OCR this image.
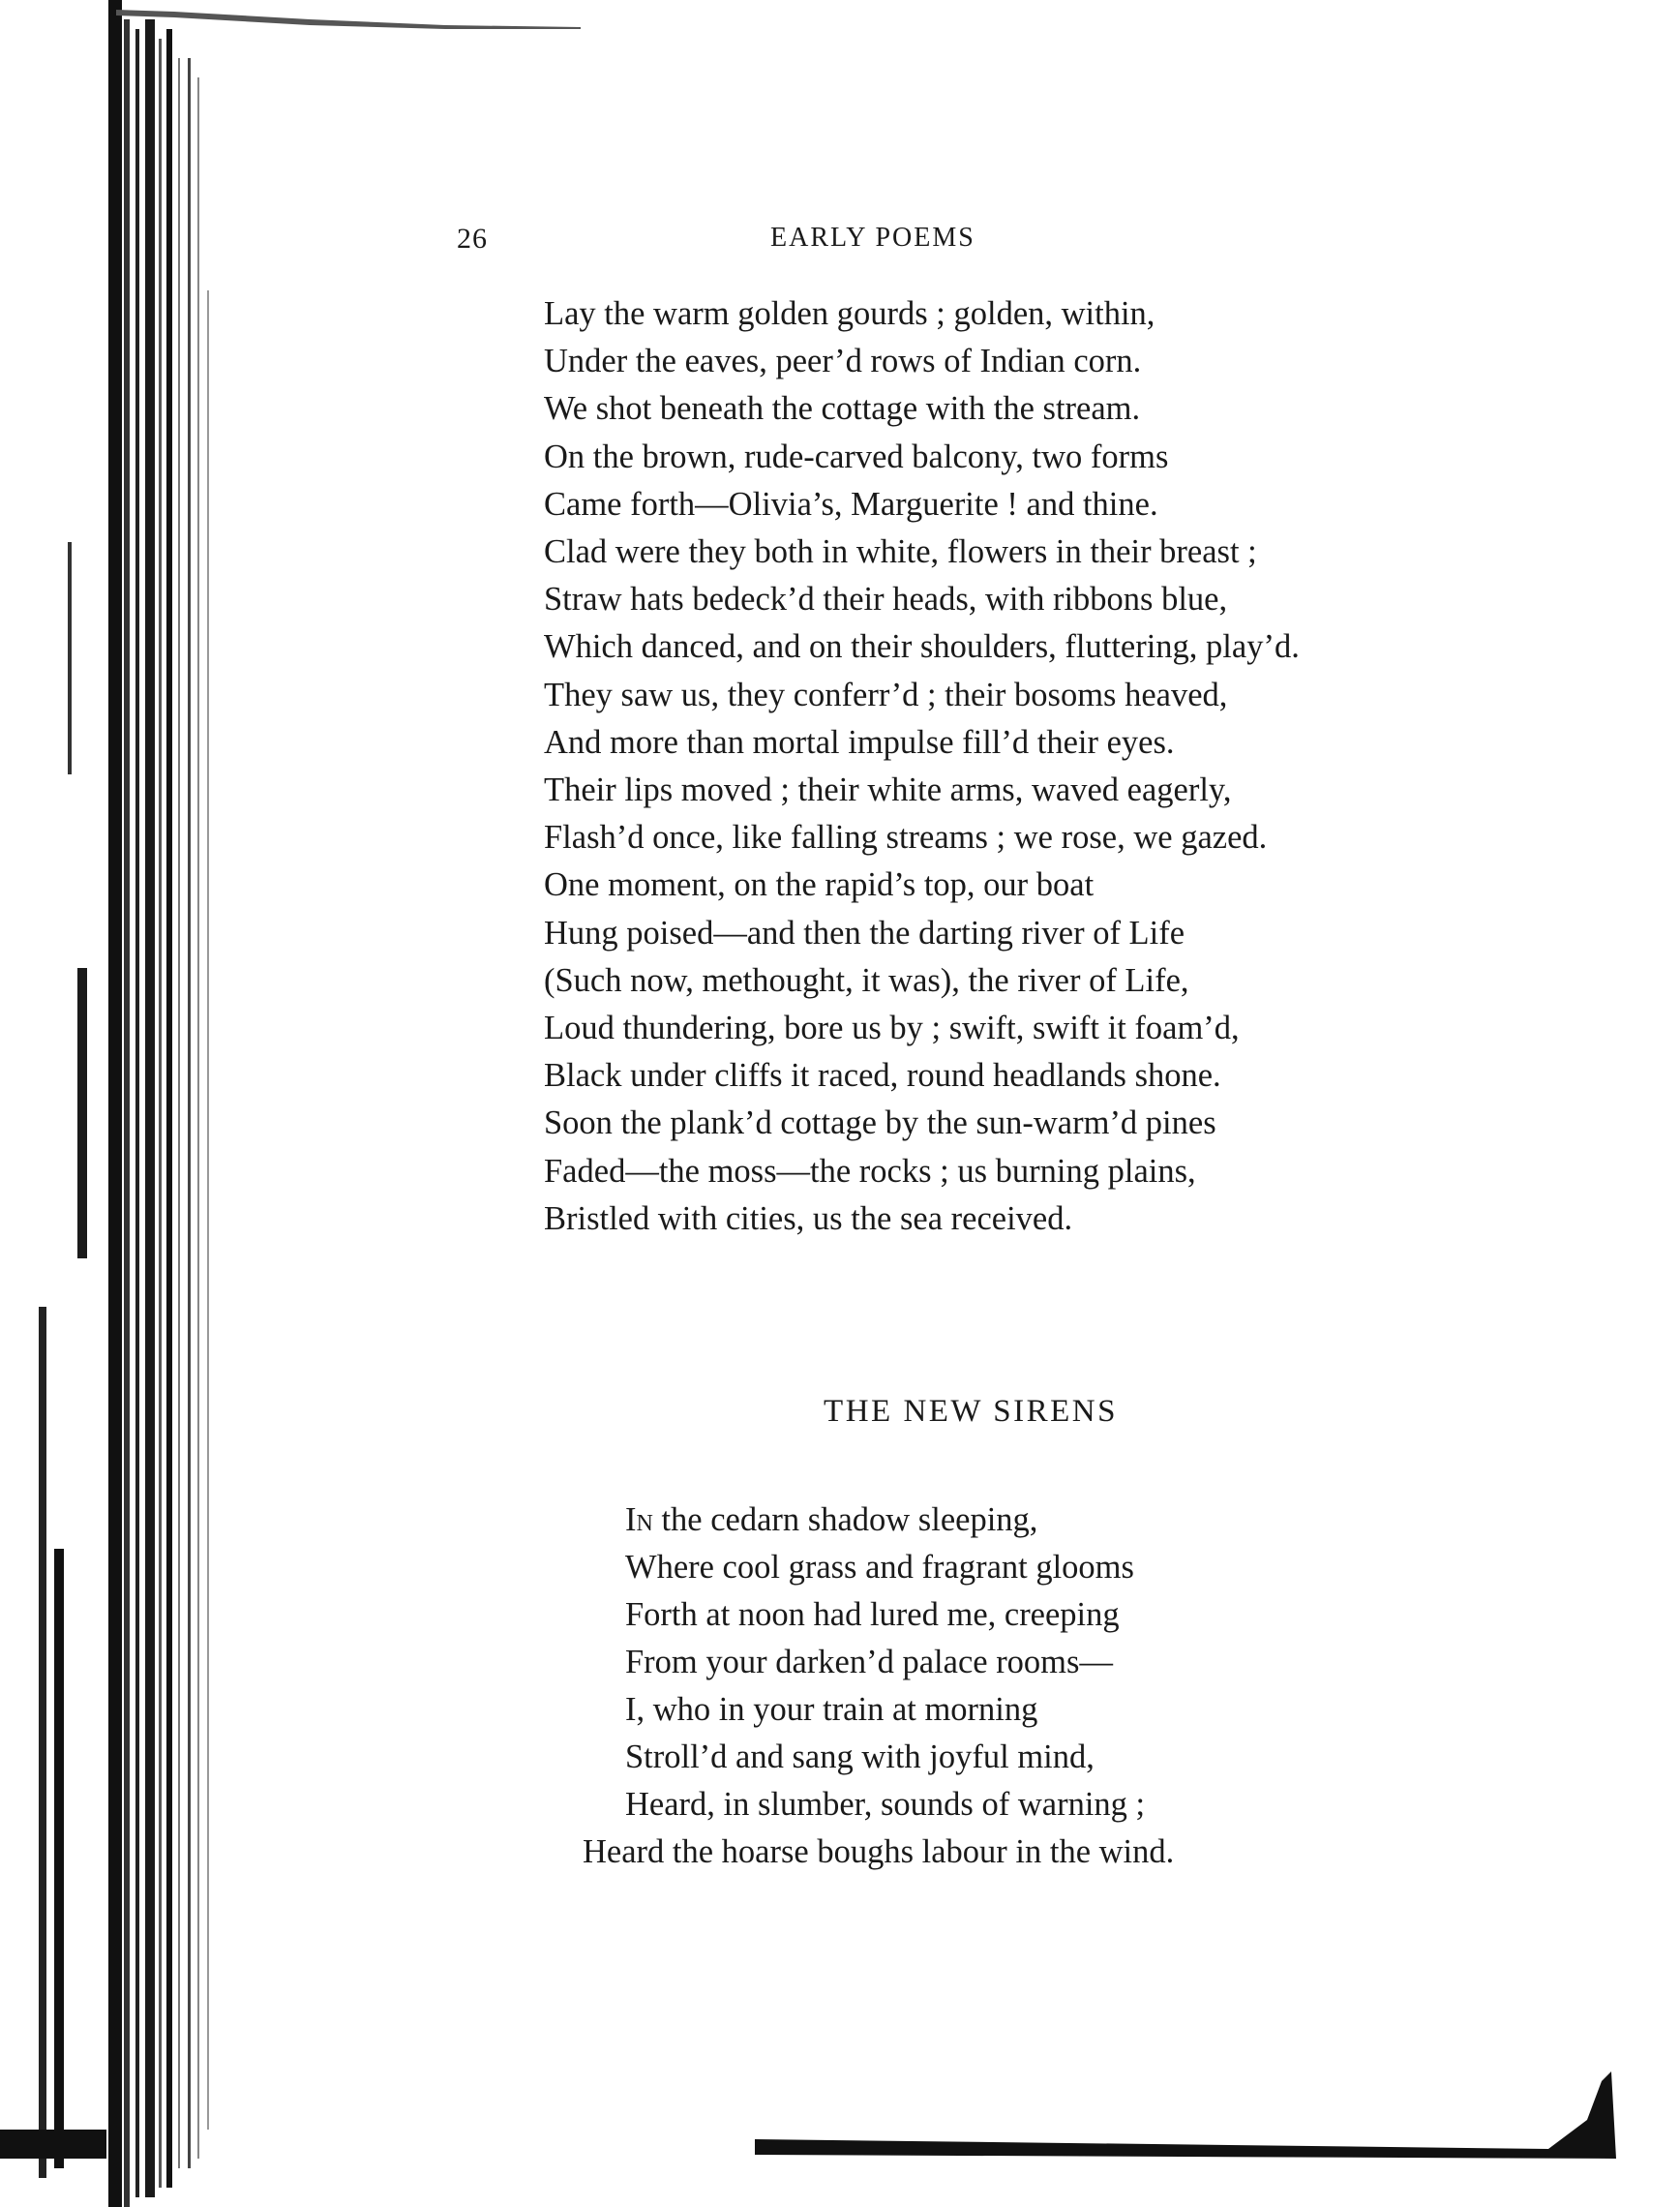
26	EARLY POEMS
Lay the warm golden gourds ; golden, within,
Under the eaves, peer’d rows of Indian corn.
We shot beneath the cottage with the stream.
On the brown, rude-carved balcony, two forms
Came forth—Olivia’s, Marguerite ! and thine.
Clad were they both in white, flowers in their breast ;
Straw hats bedeck’d their heads, with ribbons blue,
Which danced, and on their shoulders, fluttering, play’d.
They saw us, they conferr’d ; their bosoms heaved,
And more than mortal impulse fill’d their eyes.
Their lips moved ; their white arms, waved eagerly,
Flash’d once, like falling streams ; we rose, we gazed.
One moment, on the rapid’s top, our boat
Hung poised—and then the darting river of Life
(Such now, methought, it was), the river of Life,
Loud thundering, bore us by ; swift, swift it foam’d,
Black under cliffs it raced, round headlands shone.
Soon the plank’d cottage by the sun-warm’d pines
Faded—the moss—the rocks ; us burning plains,
Bristled with cities, us the sea received.
THE NEW SIRENS
In the cedarn shadow sleeping,
Where cool grass and fragrant glooms
Forth at noon had lured me, creeping
From your darken’d palace rooms—
I, who in your train at morning
Stroll’d and sang with joyful mind,
Heard, in slumber, sounds of warning ;
Heard the hoarse boughs labour in the wind.
